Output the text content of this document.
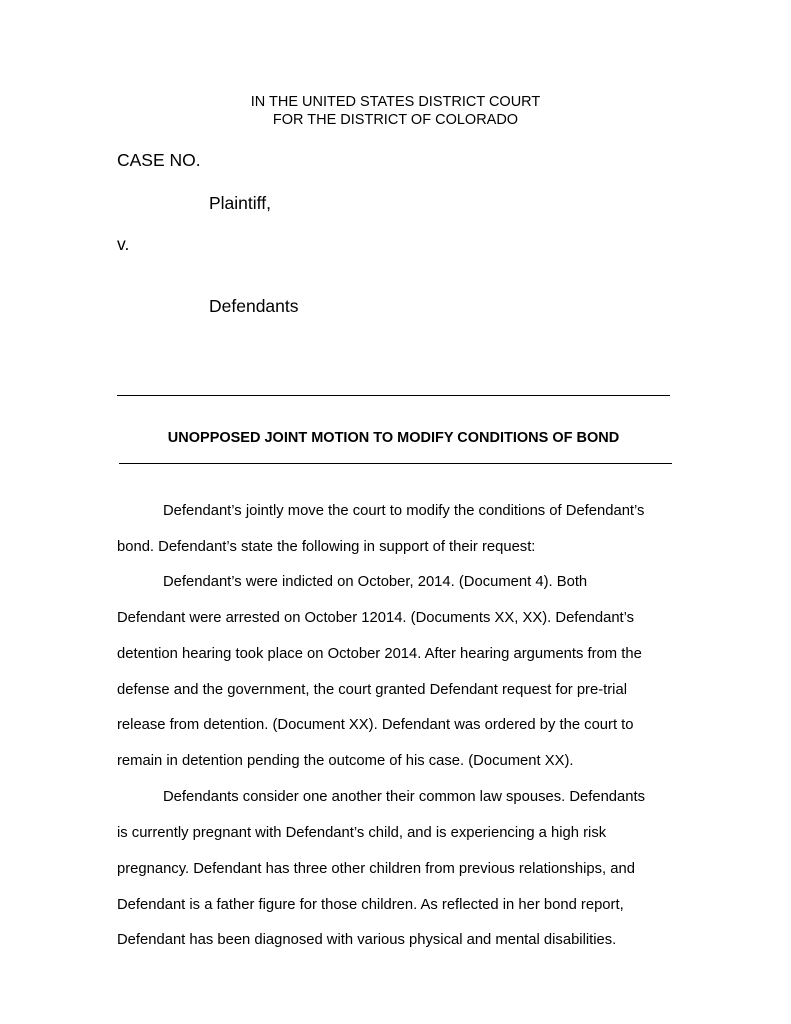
IN THE UNITED STATES DISTRICT COURT
FOR THE DISTRICT OF COLORADO
CASE NO.
Plaintiff,
v.
Defendants
UNOPPOSED JOINT MOTION TO MODIFY CONDITIONS OF BOND
Defendant’s jointly move the court to modify the conditions of Defendant’s
bond. Defendant’s state the following in support of their request:
Defendant’s were indicted on October, 2014. (Document 4). Both
Defendant were arrested on October 12014. (Documents XX, XX). Defendant’s
detention hearing took place on October 2014. After hearing arguments from the
defense and the government, the court granted Defendant request for pre-trial
release from detention. (Document XX). Defendant was ordered by the court to
remain in detention pending the outcome of his case. (Document XX).
Defendants consider one another their common law spouses. Defendants
is currently pregnant with Defendant’s child, and is experiencing a high risk
pregnancy. Defendant has three other children from previous relationships, and
Defendant is a father figure for those children. As reflected in her bond report,
Defendant has been diagnosed with various physical and mental disabilities.
